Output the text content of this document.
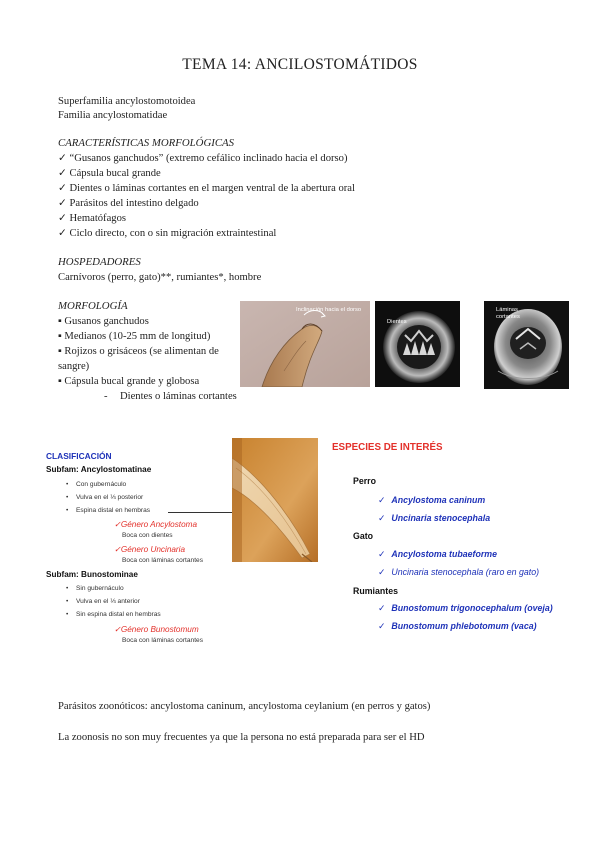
TEMA 14: ANCILOSTOMÁTIDOS
Superfamilia ancylostomotoidea
Familia ancylostomatidae
CARACTERÍSTICAS MORFOLÓGICAS
✓ “Gusanos ganchudos” (extremo cefálico inclinado hacia el dorso)
✓ Cápsula bucal grande
✓ Dientes o láminas cortantes en el margen ventral de la abertura oral
✓ Parásitos del intestino delgado
✓ Hematófagos
✓ Ciclo directo, con o sin migración extraintestinal
HOSPEDADORES
Carnívoros (perro, gato)**, rumiantes*, hombre
MORFOLOGÍA
▪ Gusanos ganchudos
▪ Medianos (10-25 mm de longitud)
▪ Rojizos o grisáceos (se alimentan de
sangre)
▪ Cápsula bucal grande y globosa
- Dientes o láminas cortantes
Inclinación hacia el dorso
Dientes
Láminas
cortantes
CLASIFICACIÓN
Subfam: Ancylostomatinae
• Con gubernáculo
• Vulva en el ⅓ posterior
• Espina distal en hembras
✓Género Ancylostoma
Boca con dientes
✓Género Uncinaria
Boca con láminas cortantes
Subfam: Bunostominae
• Sin gubernáculo
• Vulva en el ⅓ anterior
• Sin espina distal en hembras
✓Género Bunostomum
Boca con láminas cortantes
ESPECIES DE INTERÉS
Perro
✓ Ancylostoma caninum
✓ Uncinaria stenocephala
Gato
✓ Ancylostoma tubaeforme
✓ Uncinaria stenocephala (raro en gato)
Rumiantes
✓ Bunostomum trigonocephalum (oveja)
✓ Bunostomum phlebotomum (vaca)
Parásitos zoonóticos: ancylostoma caninum, ancylostoma ceylanium (en perros y gatos)
La zoonosis no son muy frecuentes ya que la persona no está preparada para ser el HD
